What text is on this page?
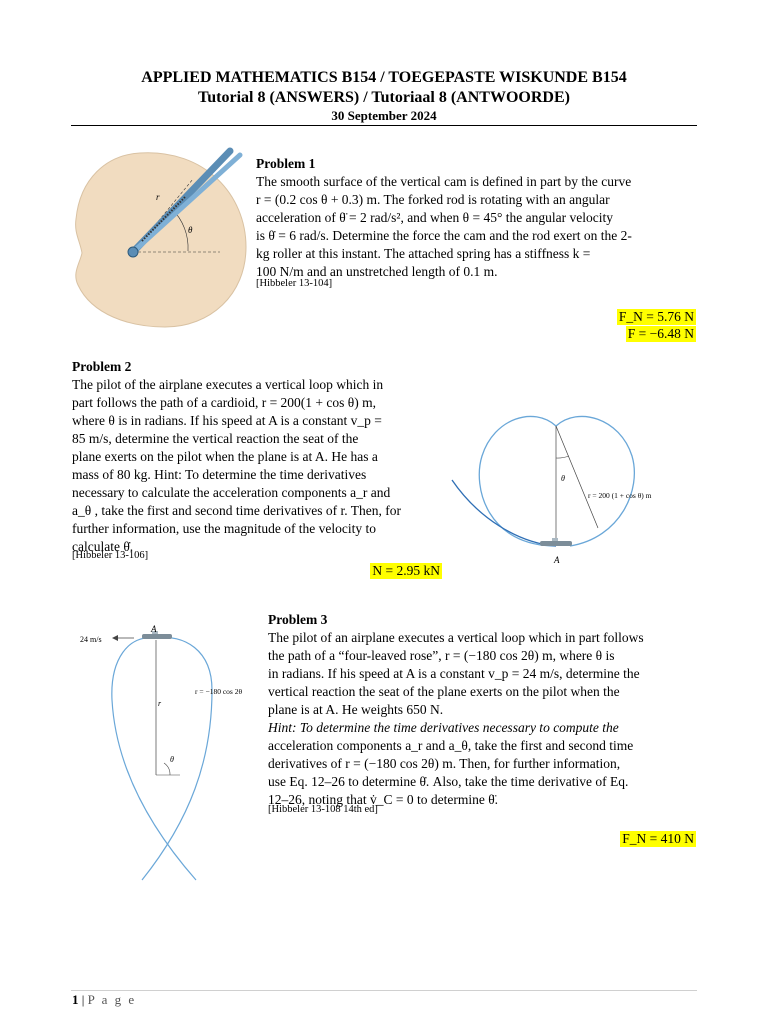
APPLIED MATHEMATICS B154 / TOEGEPASTE WISKUNDE B154
Tutorial 8 (ANSWERS) / Tutoriaal 8 (ANTWOORDE)
30 September 2024
r
θ
Problem 1
The smooth surface of the vertical cam is defined in part by the curve
r = (0.2 cos θ + 0.3) m. The forked rod is rotating with an angular
acceleration of θ̈ = 2 rad/s², and when θ = 45° the angular velocity
is θ̇ = 6 rad/s. Determine the force the cam and the rod exert on the 2-
kg roller at this instant. The attached spring has a stiffness k =
100 N/m and an unstretched length of 0.1 m.
[Hibbeler 13-104]
F_N = 5.76 N
F = −6.48 N
Problem 2
The pilot of the airplane executes a vertical loop which in
part follows the path of a cardioid, r = 200(1 + cos θ) m,
where θ is in radians. If his speed at A is a constant v_p =
85 m/s, determine the vertical reaction the seat of the
plane exerts on the pilot when the plane is at A. He has a
mass of 80 kg. Hint: To determine the time derivatives
necessary to calculate the acceleration components a_r and
a_θ , take the first and second time derivatives of r. Then, for
further information, use the magnitude of the velocity to
calculate θ̇.
[Hibbeler 13-106]
N = 2.95 kN
θ
r = 200 (1 + cos θ) m
A
24 m/s
A
r
r = −180 cos 2θ
θ
Problem 3
The pilot of an airplane executes a vertical loop which in part follows
the path of a “four-leaved rose”, r = (−180 cos 2θ) m, where θ is
in radians. If his speed at A is a constant v_p = 24 m/s, determine the
vertical reaction the seat of the plane exerts on the pilot when the
plane is at A. He weights 650 N.
Hint: To determine the time derivatives necessary to compute the
acceleration components a_r and a_θ, take the first and second time
derivatives of r = (−180 cos 2θ) m. Then, for further information,
use Eq. 12–26 to determine θ̇. Also, take the time derivative of Eq.
12–26, noting that v̇_C = 0 to determine θ̈.
[Hibbeler 13-108 14th ed]
F_N = 410 N
1 | P a g e
